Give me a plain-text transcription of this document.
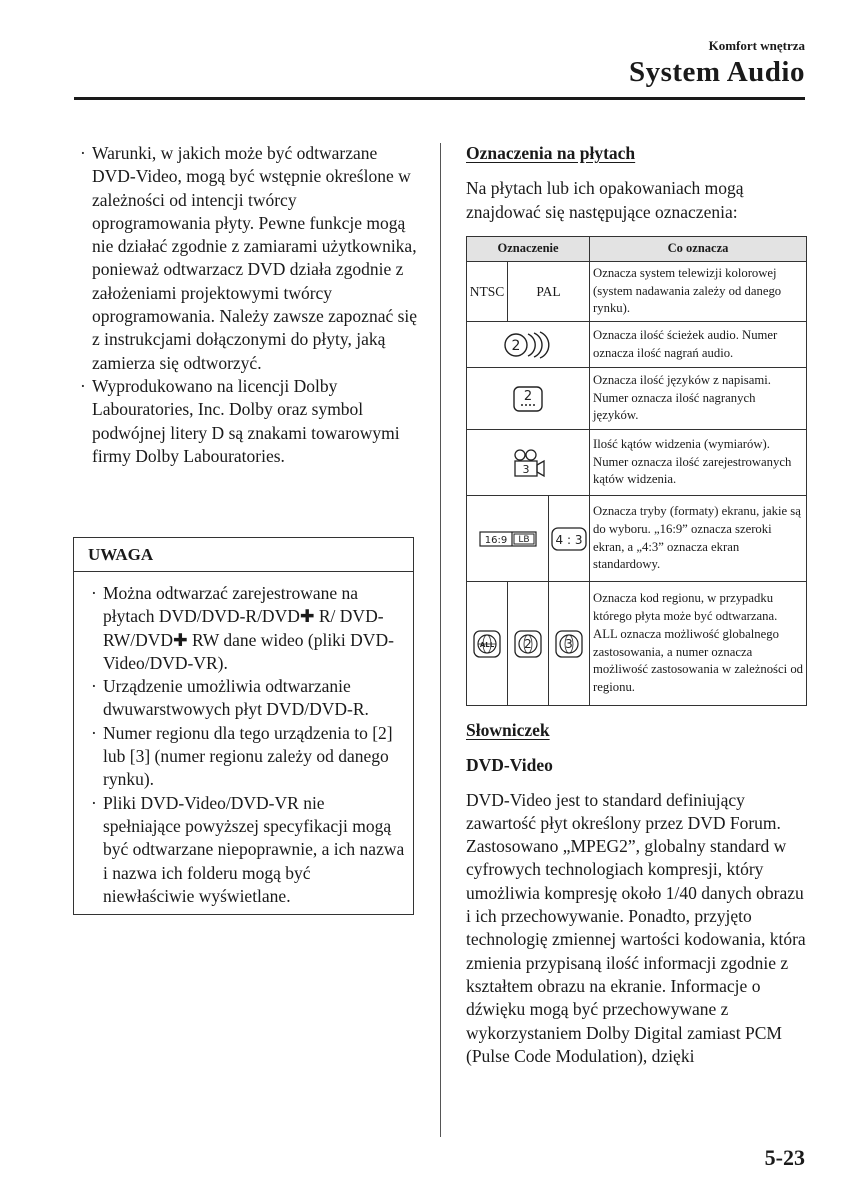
Komfort wnętrza
System Audio
· Warunki, w jakich może być odtwarzane DVD-Video, mogą być wstępnie określone w zależności od intencji twórcy oprogramowania płyty. Pewne funkcje mogą nie działać zgodnie z zamiarami użytkownika, ponieważ odtwarzacz DVD działa zgodnie z założeniami projektowymi twórcy oprogramowania. Należy zawsze zapoznać się z instrukcjami dołączonymi do płyty, jaką zamierza się odtworzyć.
· Wyprodukowano na licencji Dolby Labouratories, Inc. Dolby oraz symbol podwójnej litery D są znakami towarowymi firmy Dolby Labouratories.
UWAGA
· Można odtwarzać zarejestrowane na płytach DVD/DVD-R/DVD✚ R/ DVD-RW/DVD✚ RW dane wideo (pliki DVD-Video/DVD-VR).
· Urządzenie umożliwia odtwarzanie dwuwarstwowych płyt DVD/DVD-R.
· Numer regionu dla tego urządzenia to [2] lub [3] (numer regionu zależy od danego rynku).
· Pliki DVD-Video/DVD-VR nie spełniające powyższej specyfikacji mogą być odtwarzane niepoprawnie, a ich nazwa i nazwa ich folderu mogą być niewłaściwie wyświetlane.
Oznaczenia na płytach
Na płytach lub ich opakowaniach mogą znajdować się następujące oznaczenia:
Oznaczenie			Co oznacza
NTSC	PAL		Oznacza system telewizji kolorowej (system nadawania zależy od danego rynku).

2			Oznacza ilość ścieżek audio. Numer oznacza ilość nagrań audio.

2			Oznacza ilość języków z napisami. Numer oznacza ilość nagranych języków.

3			Ilość kątów widzenia (wymiarów). Numer oznacza ilość zarejestrowanych kątów widzenia.

16:9 LB		4 : 3	Oznacza tryby (formaty) ekranu, jakie są do wyboru. „16:9” oznacza szeroki ekran, a „4:3” oznacza ekran standardowy.

ALL	2	3	Oznacza kod regionu, w przypadku którego płyta może być odtwarzana. ALL oznacza możliwość globalnego zastosowania, a numer oznacza możliwość zastosowania w zależności od regionu.
Słowniczek
DVD-Video
DVD-Video jest to standard definiujący zawartość płyt określony przez DVD Forum. Zastosowano „MPEG2”, globalny standard w cyfrowych technologiach kompresji, który umożliwia kompresję około 1/40 danych obrazu i ich przechowywanie. Ponadto, przyjęto technologię zmiennej wartości kodowania, która zmienia przypisaną ilość informacji zgodnie z kształtem obrazu na ekranie. Informacje o dźwięku mogą być przechowywane z wykorzystaniem Dolby Digital zamiast PCM (Pulse Code Modulation), dzięki
5-23
